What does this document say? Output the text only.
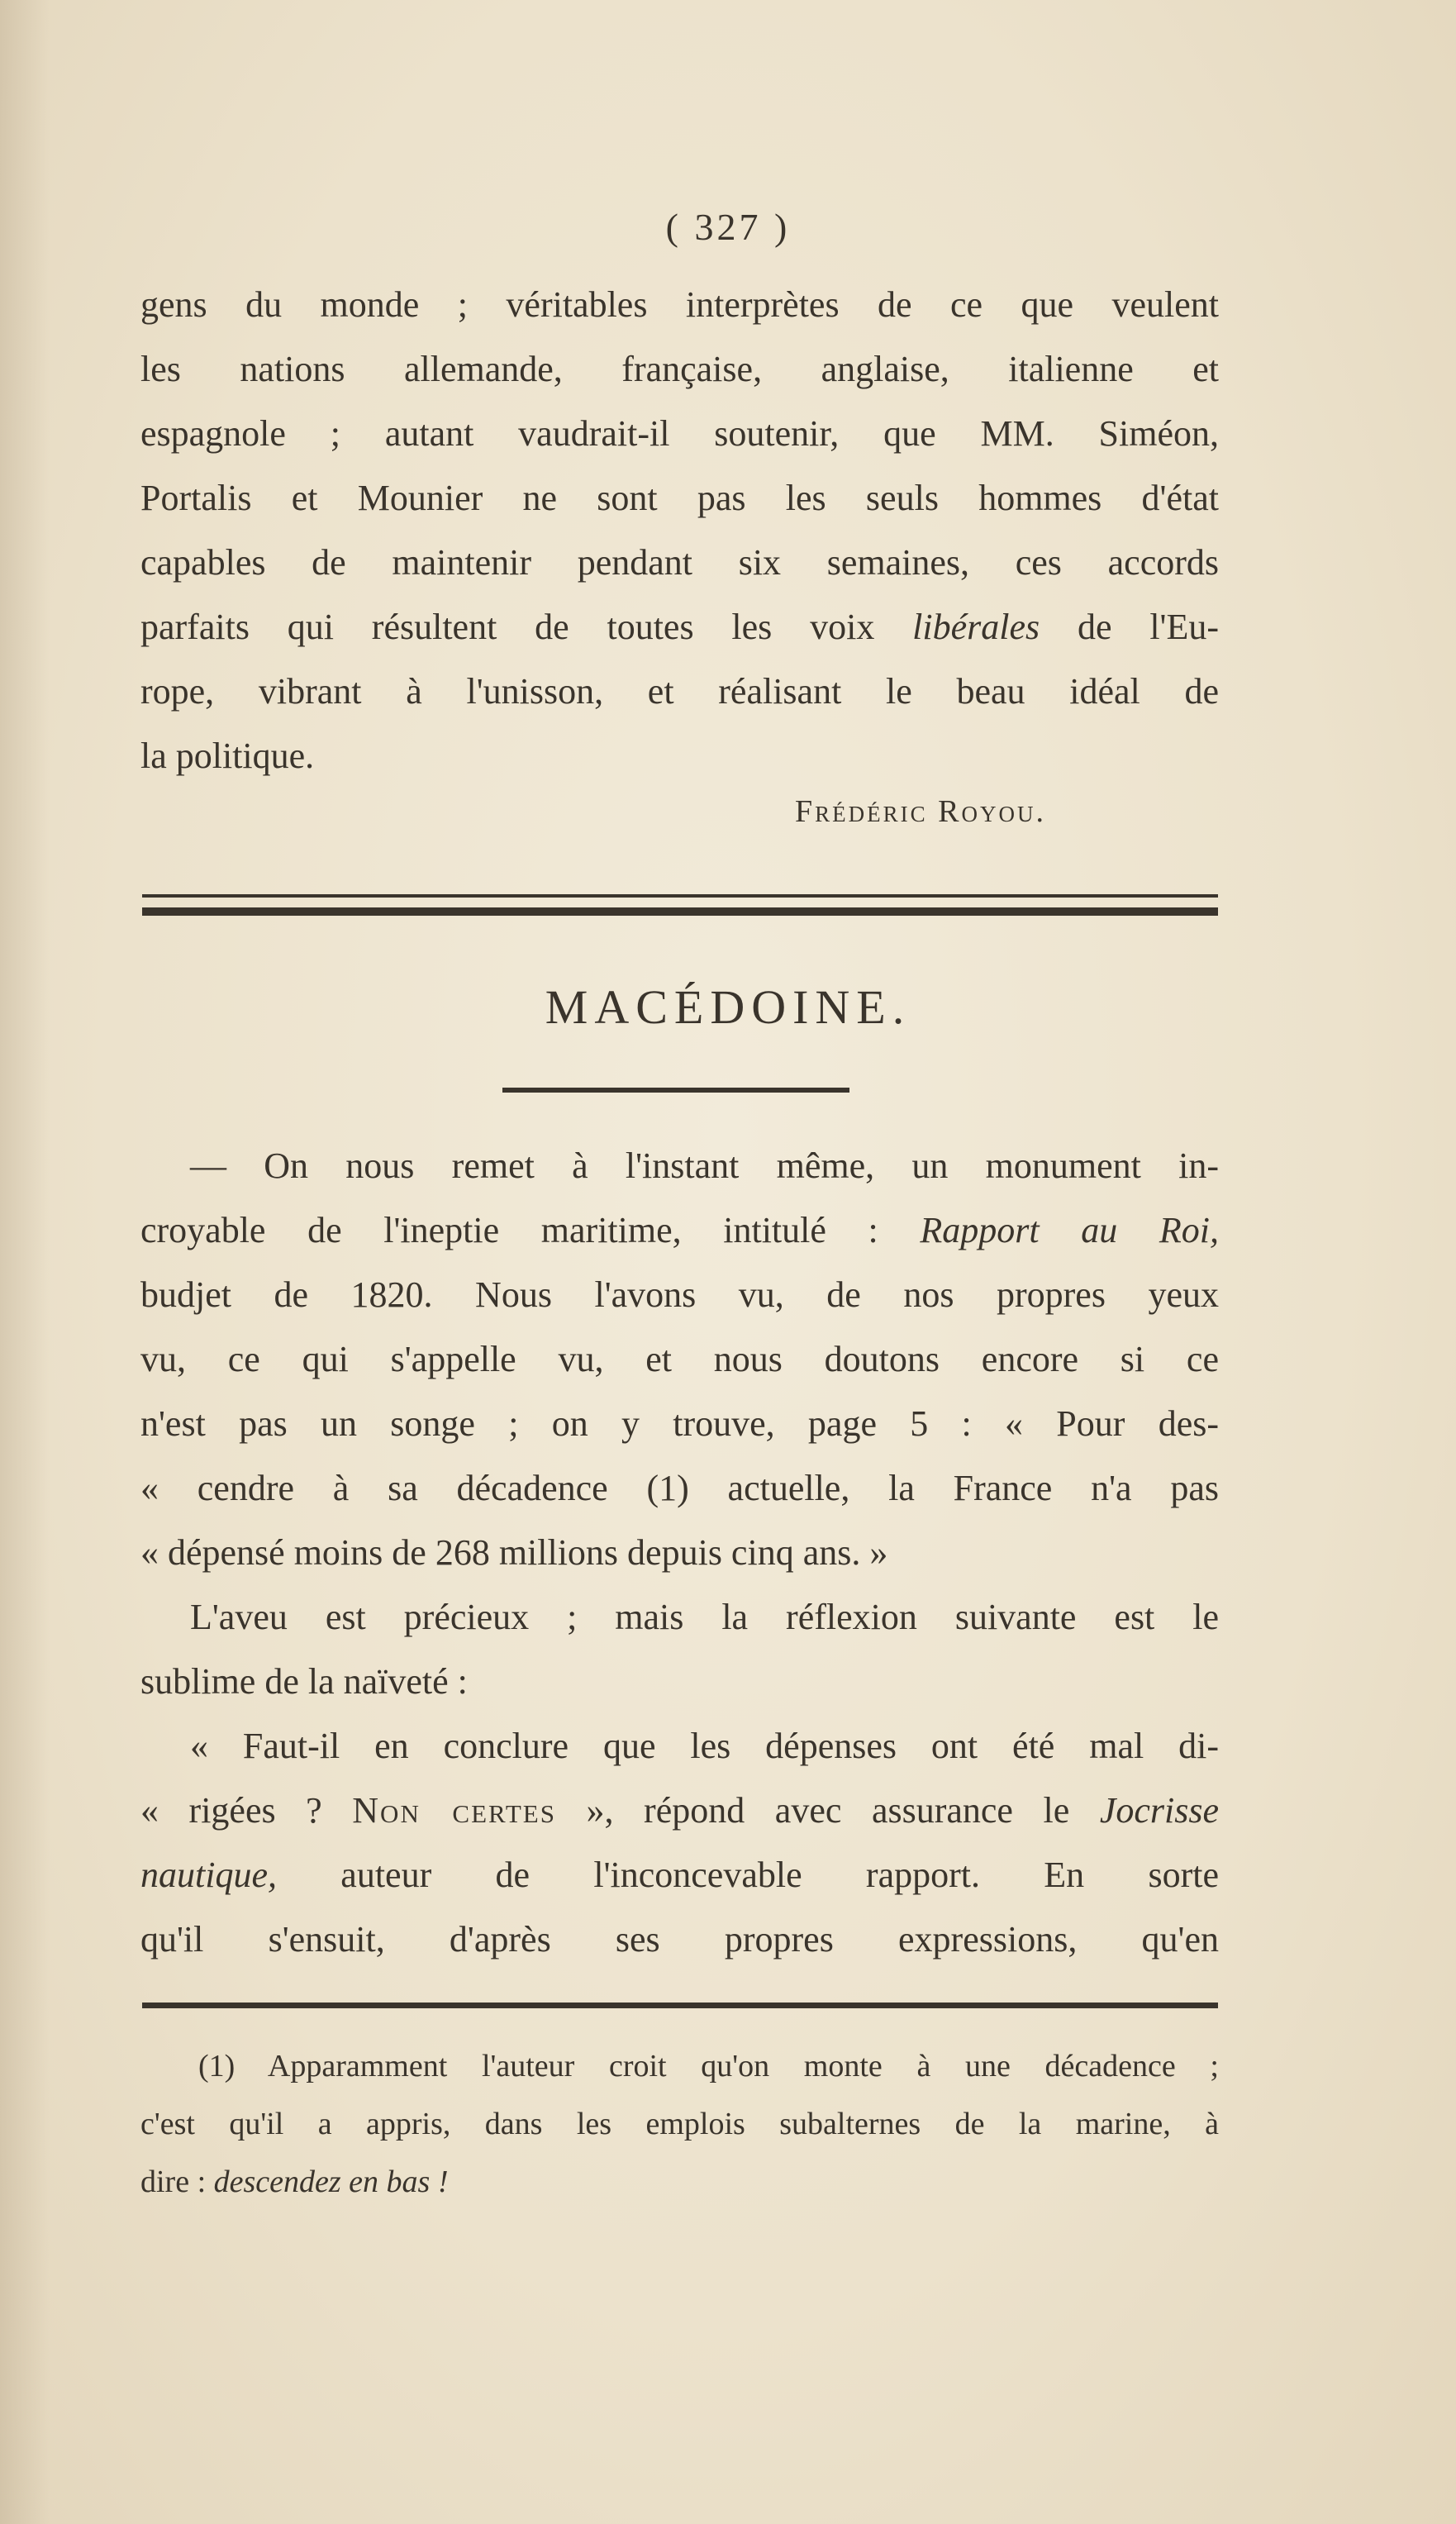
( 327 )
gens du monde ; véritables interprètes de ce que veulent
les nations allemande, française, anglaise, italienne et
espagnole ; autant vaudrait-il soutenir, que MM. Siméon,
Portalis et Mounier ne sont pas les seuls hommes d'état
capables de maintenir pendant six semaines, ces accords
parfaits qui résultent de toutes les voix libérales de l'Eu-
rope, vibrant à l'unisson, et réalisant le beau idéal de
la politique.
Frédéric Royou.
MACÉDOINE.
— On nous remet à l'instant même, un monument in-
croyable de l'ineptie maritime, intitulé : Rapport au Roi,
budjet de 1820. Nous l'avons vu, de nos propres yeux
vu, ce qui s'appelle vu, et nous doutons encore si ce
n'est pas un songe ; on y trouve, page 5 : « Pour des-
« cendre à sa décadence (1) actuelle, la France n'a pas
« dépensé moins de 268 millions depuis cinq ans. »
L'aveu est précieux ; mais la réflexion suivante est le
sublime de la naïveté :
« Faut-il en conclure que les dépenses ont été mal di-
« rigées ? Non certes », répond avec assurance le Jocrisse
nautique, auteur de l'inconcevable rapport. En sorte
qu'il s'ensuit, d'après ses propres expressions, qu'en
(1) Apparamment l'auteur croit qu'on monte à une décadence ;
c'est qu'il a appris, dans les emplois subalternes de la marine, à
dire : descendez en bas !
